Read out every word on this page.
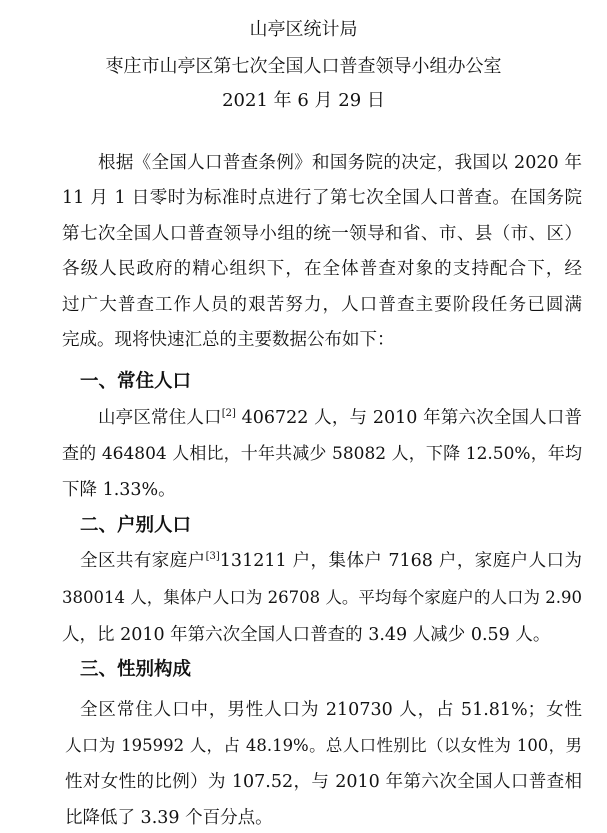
山亭区统计局
枣庄市山亭区第七次全国人口普查领导小组办公室
2021 年 6 月 29 日
根据《全国人口普查条例》和国务院的决定，我国以 2020 年
11 月 1 日零时为标准时点进行了第七次全国人口普查。在国务院
第七次全国人口普查领导小组的统一领导和省、市、县（市、区）
各级人民政府的精心组织下，在全体普查对象的支持配合下，经
过广大普查工作人员的艰苦努力，人口普查主要阶段任务已圆满
完成。现将快速汇总的主要数据公布如下：
一、常住人口
山亭区常住人口[2] 406722 人，与 2010 年第六次全国人口普
查的 464804 人相比，十年共减少 58082 人，下降 12.50%，年均
下降 1.33%。
二、户别人口
全区共有家庭户[3]131211 户，集体户 7168 户，家庭户人口为
380014 人，集体户人口为 26708 人。平均每个家庭户的人口为 2.90
人，比 2010 年第六次全国人口普查的 3.49 人减少 0.59 人。
三、性别构成
全区常住人口中，男性人口为 210730 人，占 51.81%；女性
人口为 195992 人，占 48.19%。总人口性别比（以女性为 100，男
性对女性的比例）为 107.52，与 2010 年第六次全国人口普查相
比降低了 3.39 个百分点。
